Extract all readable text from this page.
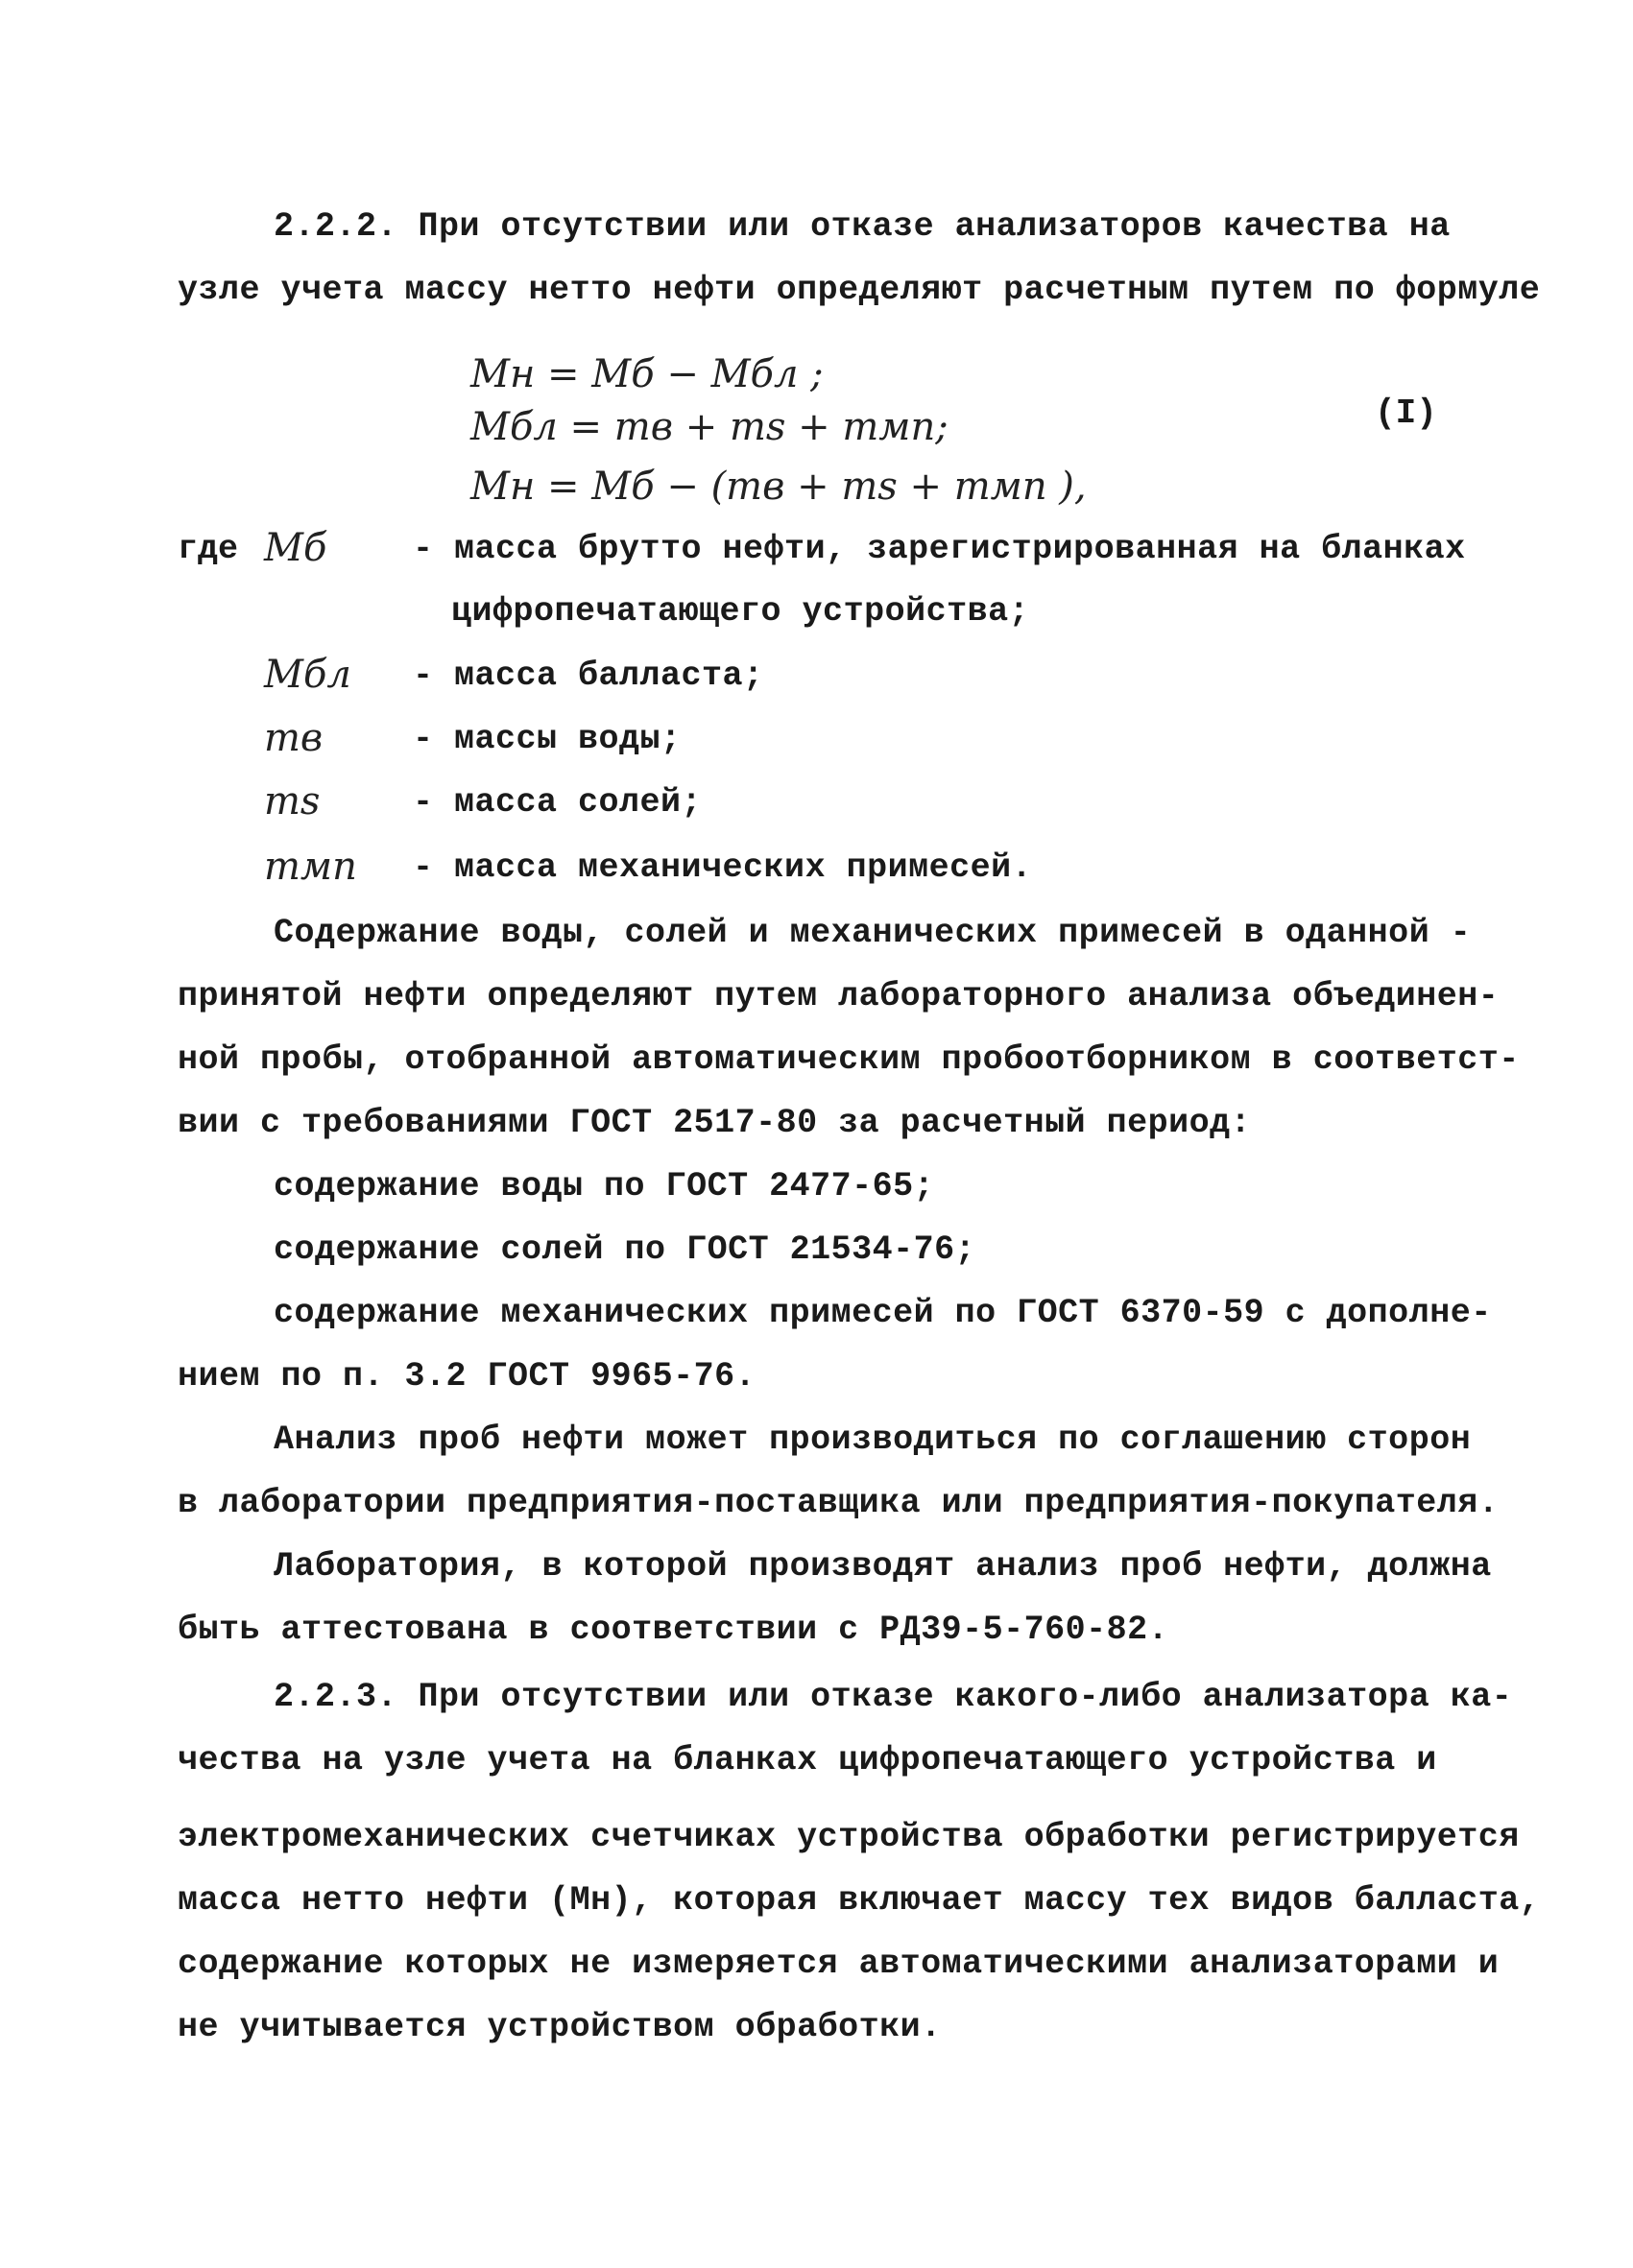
2.2.2. При отсутствии или отказе анализаторов качества на
узле учета массу нетто нефти определяют расчетным путем по формуле
Mн = Mб − Mбл ;
Mбл = mв + ms + mмп;
Mн = Mб − (mв + ms + mмп ),
(I)
где Mб	- масса брутто нефти, зарегистрированная на бланках
цифропечатающего устройства;
Mбл - масса балласта;
mв	- массы воды;
ms	- масса солей;
mмп - масса механических примесей.
Содержание воды, солей и механических примесей в оданной -
принятой нефти определяют путем лабораторного анализа объединен-
ной пробы, отобранной автоматическим пробоотборником в соответст-
вии с требованиями ГОСТ 2517-80 за расчетный период:
содержание воды по ГОСТ 2477-65;
содержание солей по ГОСТ 21534-76;
содержание механических примесей по ГОСТ 6370-59 с дополне-
нием по п. 3.2 ГОСТ 9965-76.
Анализ проб нефти может производиться по соглашению сторон
в лаборатории предприятия-поставщика или предприятия-покупателя.
Лаборатория, в которой производят анализ проб нефти, должна
быть аттестована в соответствии с РД39-5-760-82.
2.2.3. При отсутствии или отказе какого-либо анализатора ка-
чества на узле учета на бланках цифропечатающего устройства и
электромеханических счетчиках устройства обработки регистрируется
масса нетто нефти (Mн), которая включает массу тех видов балласта,
содержание которых не измеряется автоматическими анализаторами и
не учитывается устройством обработки.
